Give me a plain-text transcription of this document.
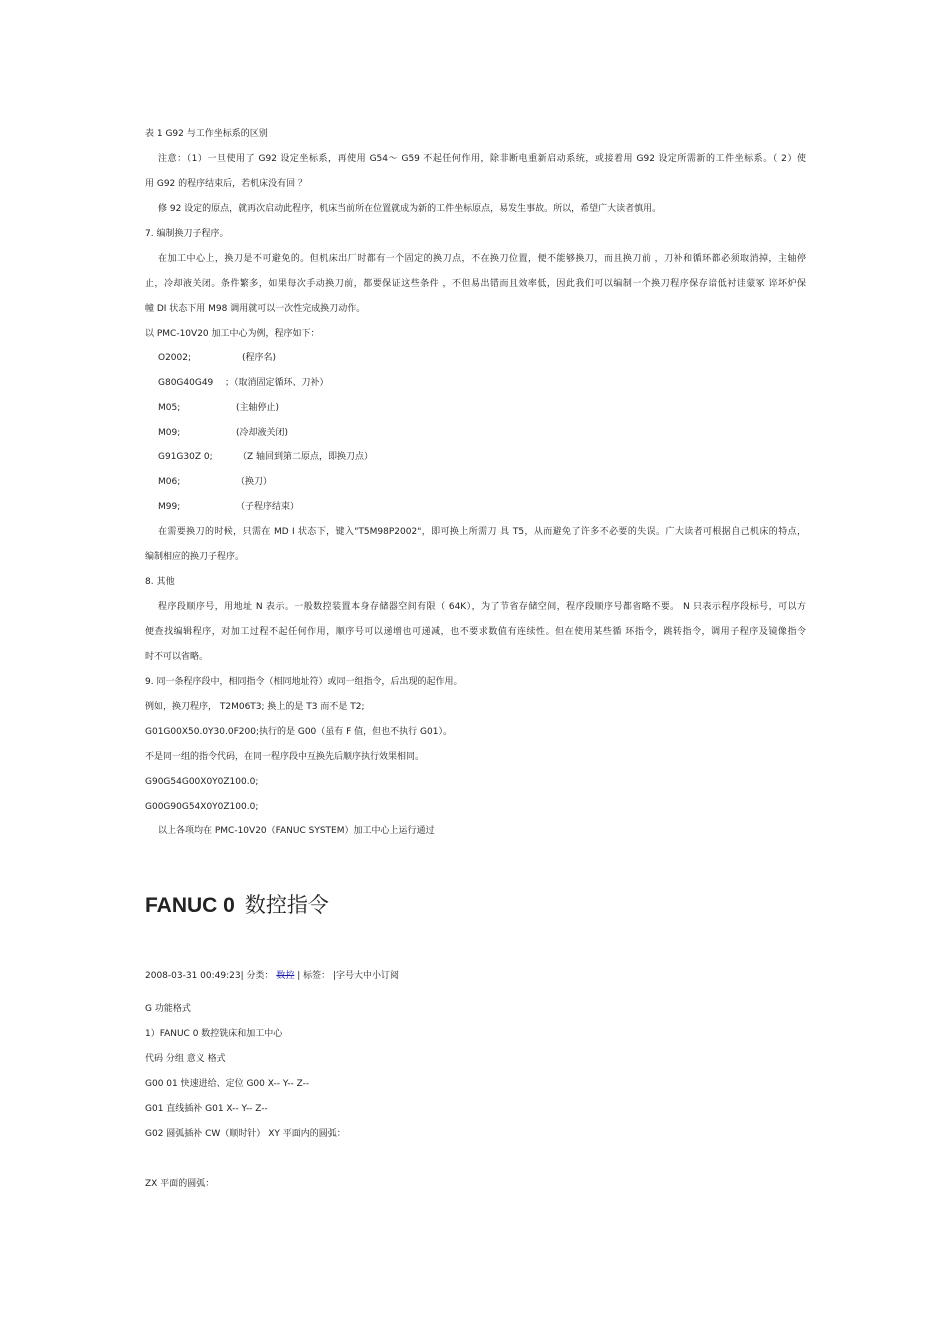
表 1 G92 与工作坐标系的区别
注意：（1）一旦使用了 G92 设定坐标系，再使用 G54～ G59 不起任何作用，除非断电重新启动系统，或接着用 G92 设定所需新的工件坐标系。（ 2）使
用 G92 的程序结束后，若机床没有回 ？
修 92 设定的原点，就再次启动此程序，机床当前所在位置就成为新的工件坐标原点，易发生事故。所以，希望广大读者慎用。
7. 编制换刀子程序。
在加工中心上，换刀是不可避免的。但机床出厂时都有一个固定的换刀点，不在换刀位置，便不能够换刀，而且换刀前 ，刀补和循环都必须取消掉，主轴停
止，冷却液关闭。条件繁多，如果每次手动换刀前，都要保证这些条件 ，不但易出错而且效率低，因此我们可以编制一个换刀程序保存谙低衬诖蒙冢 谇坏炉保
幢 DI 状态下用 M98 调用就可以一次性完成换刀动作。
以 PMC-10V20 加工中心为例，程序如下：
O2002;	(程序名)
G80G40G49 ；（取消固定循环、刀补）
M05;	(主轴停止)
M09;	(冷却液关闭)
G91G30Z 0;	（Z 轴回到第二原点，即换刀点）
M06;	（换刀）
M99;	（子程序结束）
在需要换刀的时候，只需在 MD I 状态下，键入"T5M98P2002"，即可换上所需刀 具 T5，从而避免了许多不必要的失误。广大读者可根据自己机床的特点，
编制相应的换刀子程序。
8. 其他
程序段顺序号，用地址 N 表示。一般数控装置本身存储器空间有限（ 64K），为了节省存储空间，程序段顺序号都省略不要。 N 只表示程序段标号，可以方
便查找编辑程序，对加工过程不起任何作用，顺序号可以递增也可递减，也不要求数值有连续性。但在使用某些循 环指令，跳转指令，调用子程序及镜像指令
时不可以省略。
9. 同一条程序段中，相同指令（相同地址符）或同一组指令，后出现的起作用。
例如，换刀程序， T2M06T3; 换上的是 T3 而不是 T2;
G01G00X50.0Y30.0F200;执行的是 G00（虽有 F 值，但也不执行 G01）。
不是同一组的指令代码，在同一程序段中互换先后顺序执行效果相同。
G90G54G00X0Y0Z100.0;
G00G90G54X0Y0Z100.0;
以上各项均在 PMC-10V20（FANUC SYSTEM）加工中心上运行通过
FANUC 0 数控指令
2008-03-31 00:49:23| 分类： 数控 | 标签： |字号大中小订阅
G 功能格式
1）FANUC 0 数控铣床和加工中心
代码 分组 意义 格式
G00 01 快速进给、定位 G00 X-- Y-- Z--
G01 直线插补 G01 X-- Y-- Z--
G02 圆弧插补 CW（顺时针） XY 平面内的圆弧：
ZX 平面的圆弧：
